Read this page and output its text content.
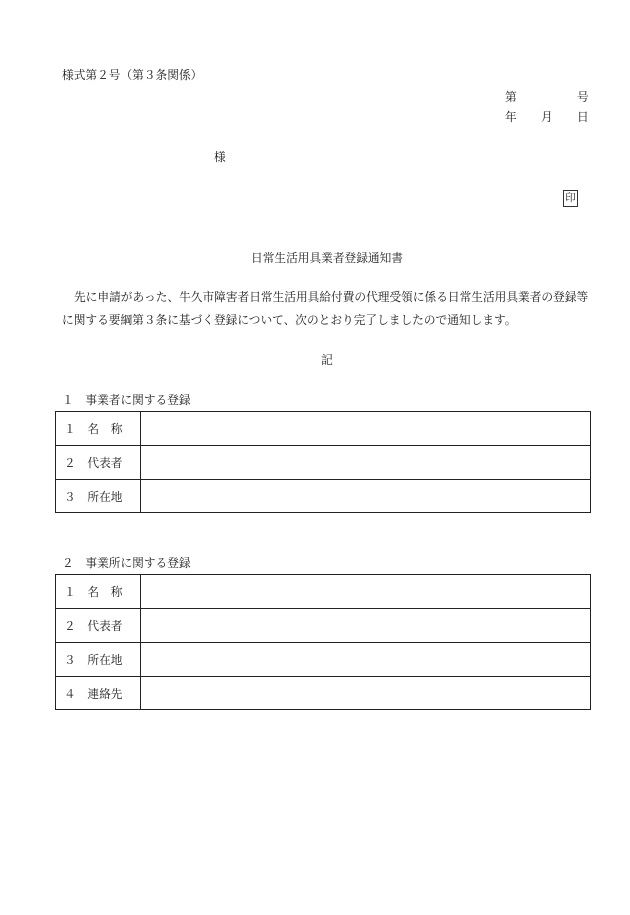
様式第２号（第３条関係）
第	号
年 月 日
様
印
日常生活用具業者登録通知書
先に申請があった、牛久市障害者日常生活用具給付費の代理受領に係る日常生活用具業者の登録等
に関する要綱第３条に基づく登録について、次のとおり完了しましたので通知します。
記
１　事業者に関する登録
１　名　称
２　代表者
３　所在地
２　事業所に関する登録
１　名　称
２　代表者
３　所在地
４　連絡先
